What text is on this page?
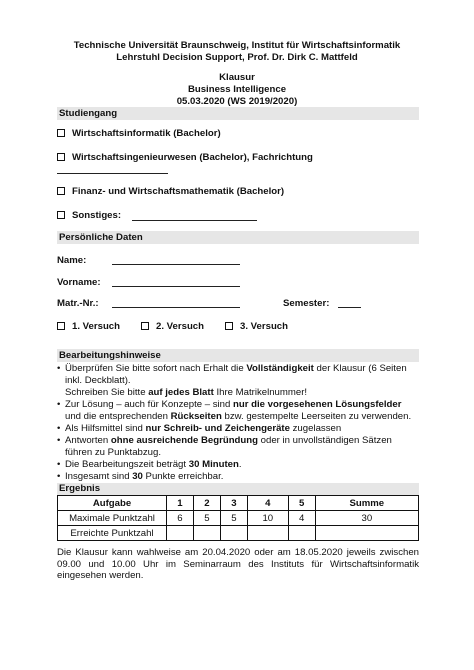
Technische Universität Braunschweig, Institut für Wirtschaftsinformatik
Lehrstuhl Decision Support, Prof. Dr. Dirk C. Mattfeld
Klausur
Business Intelligence
05.03.2020 (WS 2019/2020)
Studiengang
Wirtschaftsinformatik (Bachelor)
Wirtschaftsingenieurwesen (Bachelor), Fachrichtung
Finanz- und Wirtschaftsmathematik (Bachelor)
Sonstiges:
Persönliche Daten
Name:
Vorname:
Matr.-Nr.:	Semester:
1. Versuch	2. Versuch	3. Versuch
Bearbeitungshinweise
• Überprüfen Sie bitte sofort nach Erhalt die Vollständigkeit der Klausur (6 Seiten inkl. Deckblatt).
Schreiben Sie bitte auf jedes Blatt Ihre Matrikelnummer!
• Zur Lösung – auch für Konzepte – sind nur die vorgesehenen Lösungsfelder und die entsprechenden Rückseiten bzw. gestempelte Leerseiten zu verwenden.
• Als Hilfsmittel sind nur Schreib- und Zeichengeräte zugelassen
• Antworten ohne ausreichende Begründung oder in unvollständigen Sätzen führen zu Punktabzug.
• Die Bearbeitungszeit beträgt 30 Minuten.
• Insgesamt sind 30 Punkte erreichbar.
Ergebnis
Aufgabe	1	2	3	4	5	Summe
Maximale Punktzahl	6	5	5	10	4	30
Erreichte Punktzahl						
Die Klausur kann wahlweise am 20.04.2020 oder am 18.05.2020 jeweils zwischen 09.00 und 10.00 Uhr im Seminarraum des Instituts für Wirtschaftsinformatik eingesehen werden.
